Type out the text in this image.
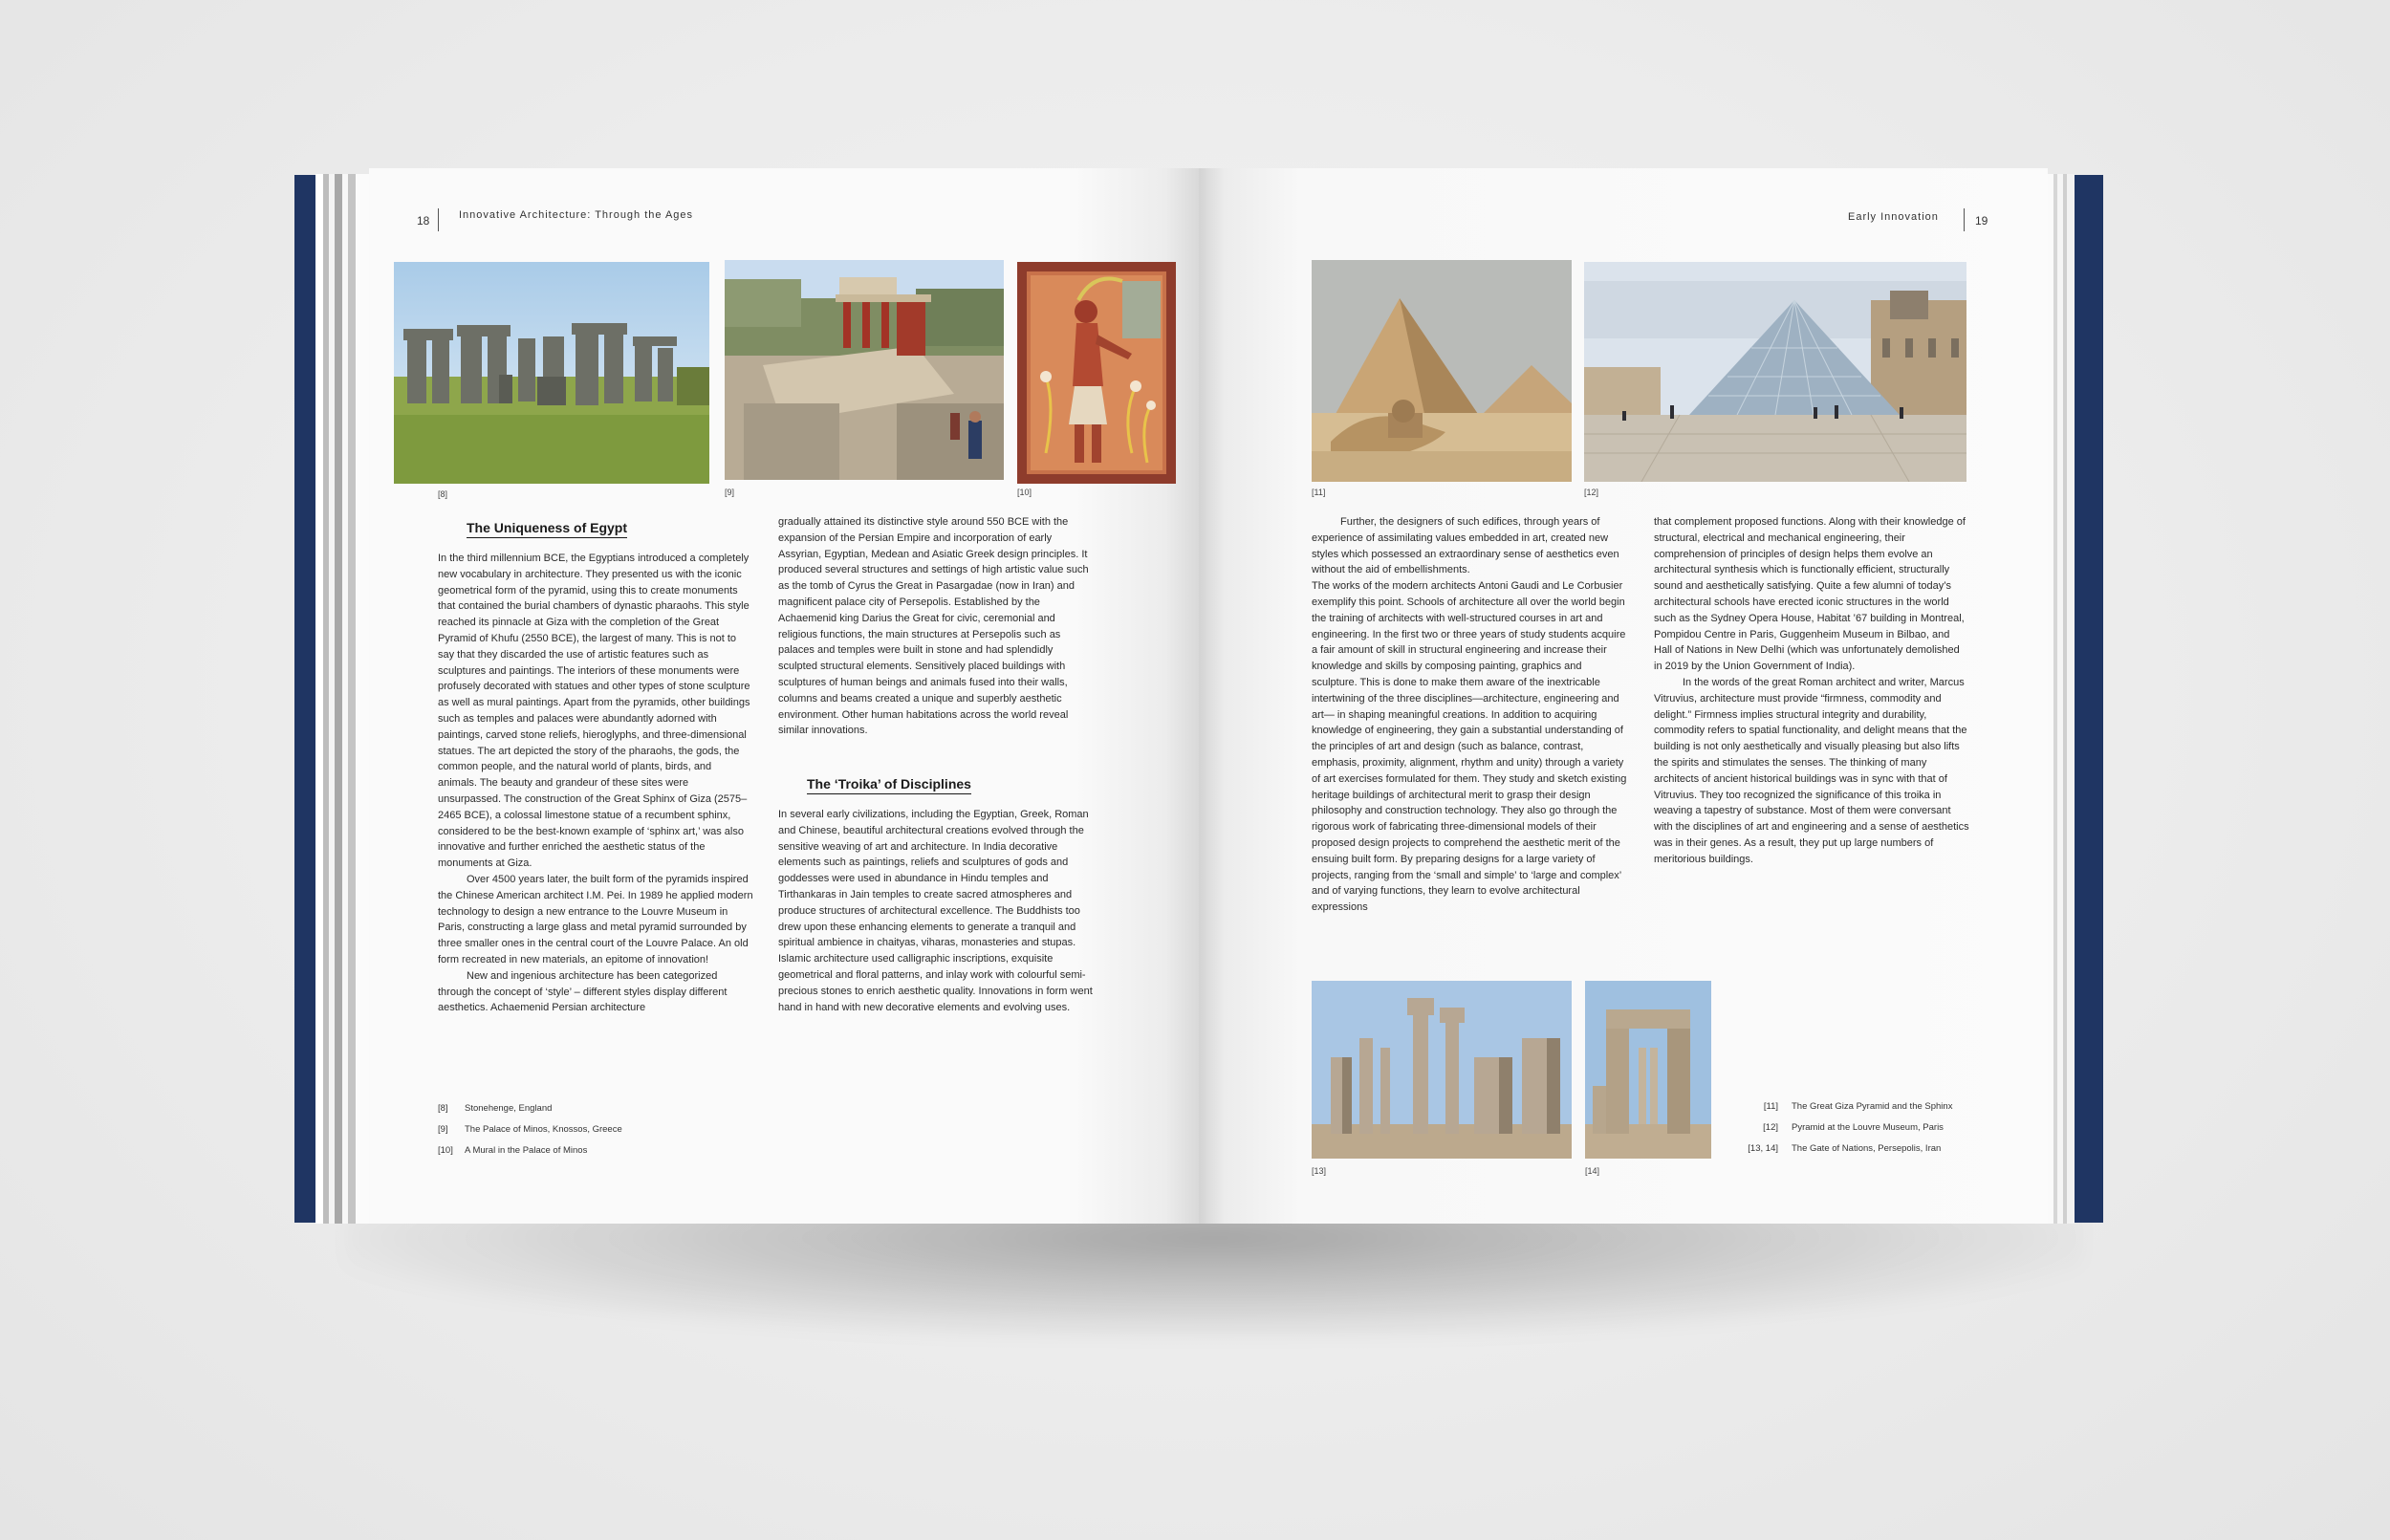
18	Innovative Architecture: Through the Ages
[8]	[9]	[10]
The Uniqueness of Egypt

In the third millennium BCE, the Egyptians introduced a completely new vocabulary in architecture. They presented us with the iconic geometrical form of the pyramid, using this to create monuments that contained the burial chambers of dynastic pharaohs. This style reached its pinnacle at Giza with the completion of the Great Pyramid of Khufu (2550 BCE), the largest of many. This is not to say that they discarded the use of artistic features such as sculptures and paintings. The interiors of these monuments were profusely decorated with statues and other types of stone sculpture as well as mural paintings. Apart from the pyramids, other buildings such as temples and palaces were abundantly adorned with paintings, carved stone reliefs, hieroglyphs, and three-dimensional statues. The art depicted the story of the pharaohs, the gods, the common people, and the natural world of plants, birds, and animals. The beauty and grandeur of these sites were unsurpassed. The construction of the Great Sphinx of Giza (2575–2465 BCE), a colossal limestone statue of a recumbent sphinx, considered to be the best-known example of ‘sphinx art,’ was also innovative and further enriched the aesthetic status of the monuments at Giza.

Over 4500 years later, the built form of the pyramids inspired the Chinese American architect I.M. Pei. In 1989 he applied modern technology to design a new entrance to the Louvre Museum in Paris, constructing a large glass and metal pyramid surrounded by three smaller ones in the central court of the Louvre Palace. An old form recreated in new materials, an epitome of innovation!

New and ingenious architecture has been categorized through the concept of ‘style’ – different styles display different aesthetics. Achaemenid Persian architecture

gradually attained its distinctive style around 550 BCE with the expansion of the Persian Empire and incorporation of early Assyrian, Egyptian, Medean and Asiatic Greek design principles. It produced several structures and settings of high artistic value such as the tomb of Cyrus the Great in Pasargadae (now in Iran) and magnificent palace city of Persepolis. Established by the Achaemenid king Darius the Great for civic, ceremonial and religious functions, the main structures at Persepolis such as palaces and temples were built in stone and had splendidly sculpted structural elements. Sensitively placed buildings with sculptures of human beings and animals fused into their walls, columns and beams created a unique and superbly aesthetic environment. Other human habitations across the world reveal similar innovations.

The ‘Troika’ of Disciplines

In several early civilizations, including the Egyptian, Greek, Roman and Chinese, beautiful architectural creations evolved through the sensitive weaving of art and architecture. In India decorative elements such as paintings, reliefs and sculptures of gods and goddesses were used in abundance in Hindu temples and Tirthankaras in Jain temples to create sacred atmospheres and produce structures of architectural excellence. The Buddhists too drew upon these enhancing elements to generate a tranquil and spiritual ambience in chaityas, viharas, monasteries and stupas. Islamic architecture used calligraphic inscriptions, exquisite geometrical and floral patterns, and inlay work with colourful semi-precious stones to enrich aesthetic quality. Innovations in form went hand in hand with new decorative elements and evolving uses.

[8]	Stonehenge, England
[9]	The Palace of Minos, Knossos, Greece
[10]	A Mural in the Palace of Minos
Early Innovation	19
[11]	[12]

Further, the designers of such edifices, through years of experience of assimilating values embedded in art, created new styles which possessed an extraordinary sense of aesthetics even without the aid of embellishments.

The works of the modern architects Antoni Gaudi and Le Corbusier exemplify this point. Schools of architecture all over the world begin the training of architects with well-structured courses in art and engineering. In the first two or three years of study students acquire a fair amount of skill in structural engineering and increase their knowledge and skills by composing painting, graphics and sculpture. This is done to make them aware of the inextricable intertwining of the three disciplines—architecture, engineering and art— in shaping meaningful creations. In addition to acquiring knowledge of engineering, they gain a substantial understanding of the principles of art and design (such as balance, contrast, emphasis, proximity, alignment, rhythm and unity) through a variety of art exercises formulated for them. They study and sketch existing heritage buildings of architectural merit to grasp their design philosophy and construction technology. They also go through the rigorous work of fabricating three-dimensional models of their proposed design projects to comprehend the aesthetic merit of the ensuing built form. By preparing designs for a large variety of projects, ranging from the ‘small and simple’ to ‘large and complex’ and of varying functions, they learn to evolve architectural expressions

that complement proposed functions. Along with their knowledge of structural, electrical and mechanical engineering, their comprehension of principles of design helps them evolve an architectural synthesis which is functionally efficient, structurally sound and aesthetically satisfying. Quite a few alumni of today’s architectural schools have erected iconic structures in the world such as the Sydney Opera House, Habitat ’67 building in Montreal, Pompidou Centre in Paris, Guggenheim Museum in Bilbao, and Hall of Nations in New Delhi (which was unfortunately demolished in 2019 by the Union Government of India).

In the words of the great Roman architect and writer, Marcus Vitruvius, architecture must provide “firmness, commodity and delight.” Firmness implies structural integrity and durability, commodity refers to spatial functionality, and delight means that the building is not only aesthetically and visually pleasing but also lifts the spirits and stimulates the senses. The thinking of many architects of ancient historical buildings was in sync with that of Vitruvius. They too recognized the significance of this troika in weaving a tapestry of substance. Most of them were conversant with the disciplines of art and engineering and a sense of aesthetics was in their genes. As a result, they put up large numbers of meritorious buildings.

[13]	[14]
[11]	The Great Giza Pyramid and the Sphinx
[12]	Pyramid at the Louvre Museum, Paris
[13, 14]	The Gate of Nations, Persepolis, Iran
